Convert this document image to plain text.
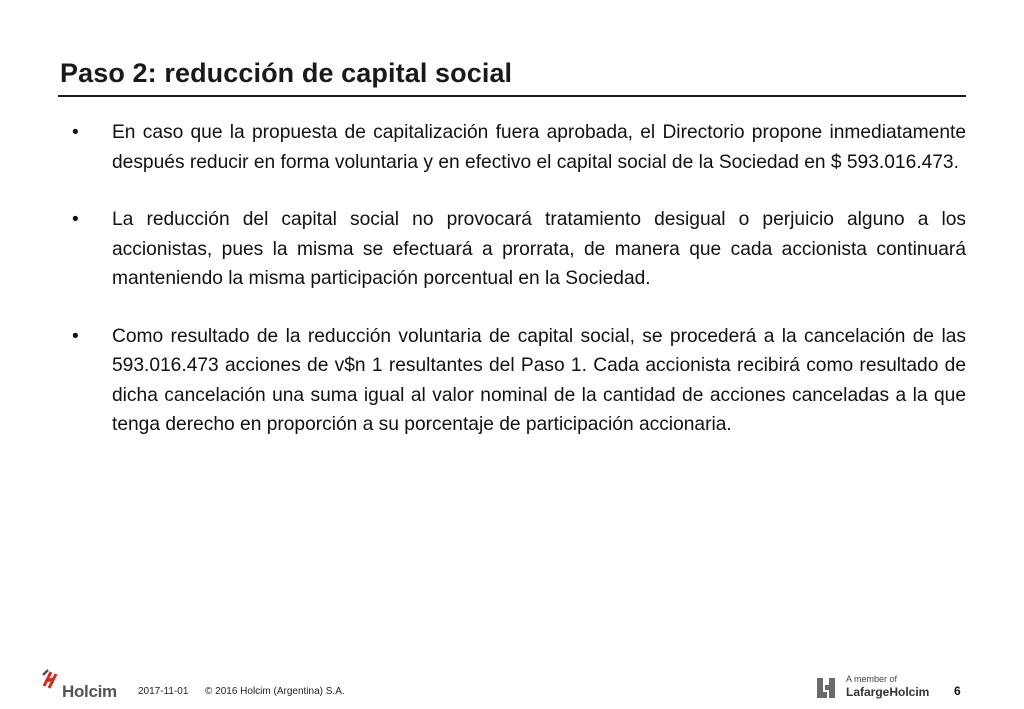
Paso 2: reducción de capital social
• En caso que la propuesta de capitalización fuera aprobada, el Directorio propone inmediatamente después reducir en forma voluntaria y en efectivo el capital social de la Sociedad en $ 593.016.473.
• La reducción del capital social no provocará tratamiento desigual o perjuicio alguno a los accionistas, pues la misma se efectuará a prorrata, de manera que cada accionista continuará manteniendo la misma participación porcentual en la Sociedad.
• Como resultado de la reducción voluntaria de capital social, se procederá a la cancelación de las 593.016.473 acciones de v$n 1 resultantes del Paso 1. Cada accionista recibirá como resultado de dicha cancelación una suma igual al valor nominal de la cantidad de acciones canceladas a la que tenga derecho en proporción a su porcentaje de participación accionaria.
Holcim 2017-11-01 © 2016 Holcim (Argentina) S.A.
A member of
LafargeHolcim 6
